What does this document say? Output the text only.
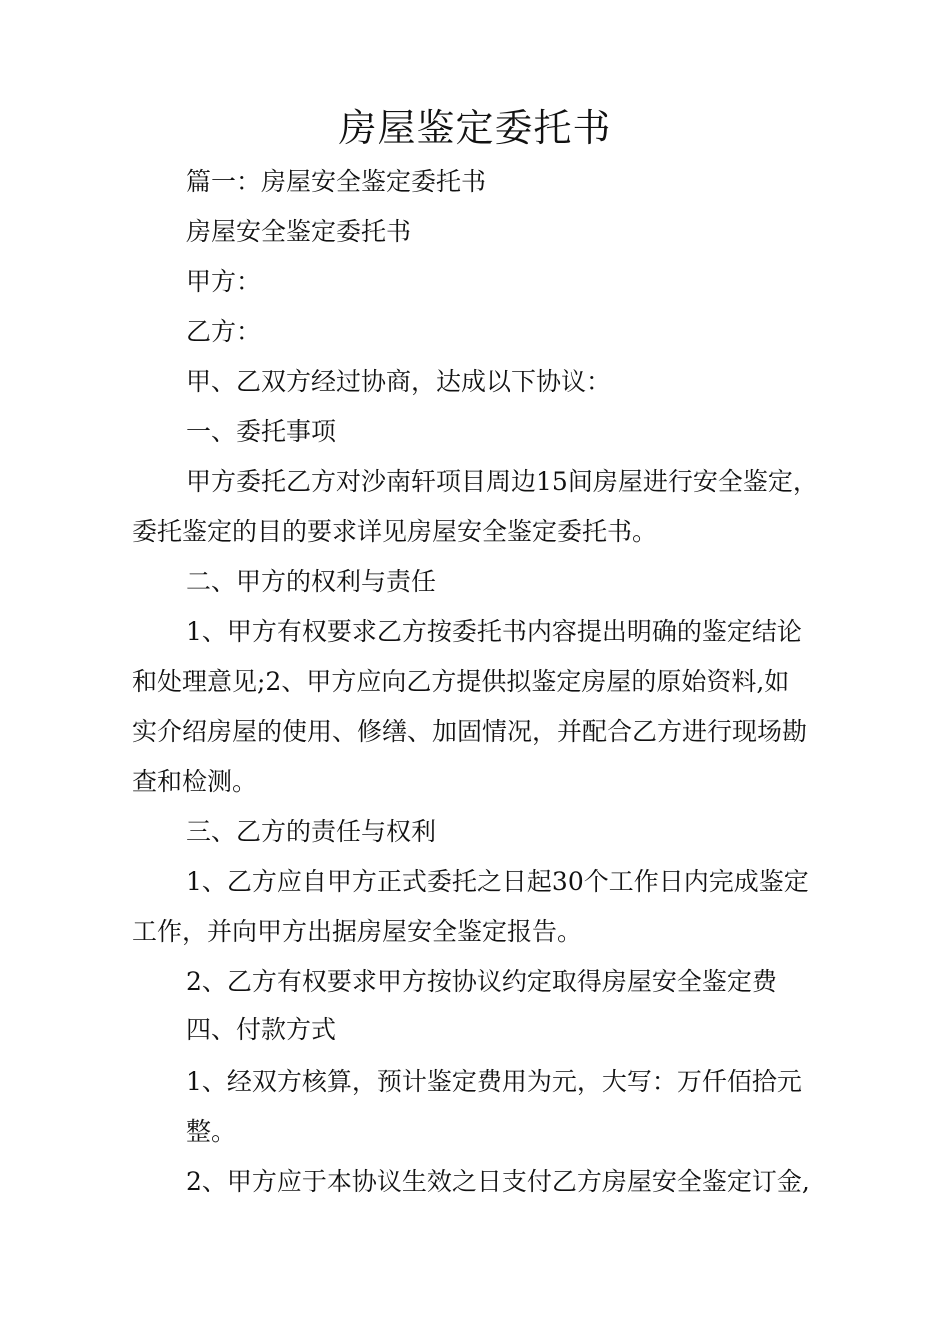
房屋鉴定委托书

篇一：房屋安全鉴定委托书

房屋安全鉴定委托书

甲方：

乙方：

甲、乙双方经过协商，达成以下协议：

一、委托事项

甲方委托乙方对沙南轩项目周边15间房屋进行安全鉴定，

委托鉴定的目的要求详见房屋安全鉴定委托书。

二、甲方的权利与责任

1、甲方有权要求乙方按委托书内容提出明确的鉴定结论

和处理意见;2、甲方应向乙方提供拟鉴定房屋的原始资料,如

实介绍房屋的使用、修缮、加固情况，并配合乙方进行现场勘

查和检测。

三、乙方的责任与权利

1、乙方应自甲方正式委托之日起30个工作日内完成鉴定

工作，并向甲方出据房屋安全鉴定报告。

2、乙方有权要求甲方按协议约定取得房屋安全鉴定费

四、付款方式

1、经双方核算，预计鉴定费用为元，大写：万仟佰拾元

整。

2、甲方应于本协议生效之日支付乙方房屋安全鉴定订金,
